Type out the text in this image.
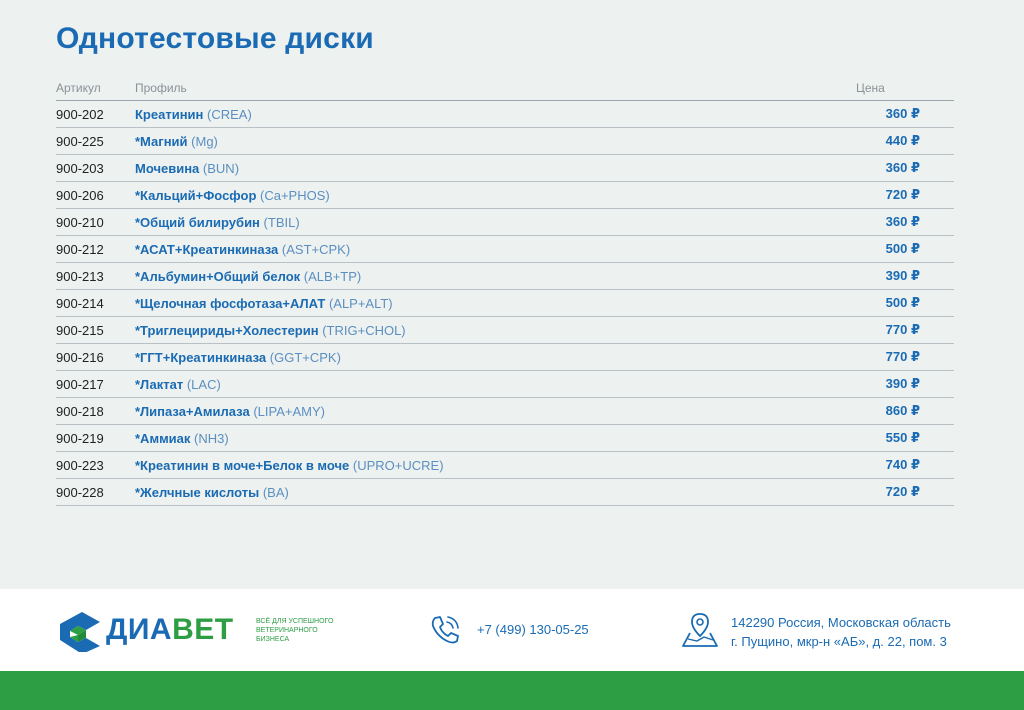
Однотестовые диски
Артикул	Профиль	Цена
900-202	Креатинин (CREA)	360 ₽
900-225	*Магний (Mg)	440 ₽
900-203	Мочевина (BUN)	360 ₽
900-206	*Кальций+Фосфор (Ca+PHOS)	720 ₽
900-210	*Общий билирубин (TBIL)	360 ₽
900-212	*АСАТ+Креатинкиназа (AST+CPK)	500 ₽
900-213	*Альбумин+Общий белок (ALB+TP)	390 ₽
900-214	*Щелочная фосфотаза+АЛАТ (ALP+ALT)	500 ₽
900-215	*Триглецириды+Холестерин (TRIG+CHOL)	770 ₽
900-216	*ГГТ+Креатинкиназа (GGT+CPK)	770 ₽
900-217	*Лактат (LAC)	390 ₽
900-218	*Липаза+Амилаза (LIPA+AMY)	860 ₽
900-219	*Аммиак (NH3)	550 ₽
900-223	*Креатинин в моче+Белок в моче (UPRO+UCRE)	740 ₽
900-228	*Желчные кислоты (BA)	720 ₽
ДИАВЕТ	ВСЁ ДЛЯ УСПЕШНОГО ВЕТЕРИНАРНОГО БИЗНЕСА
+7 (499) 130-05-25	142290 Россия, Московская область
г. Пущино, мкр-н «АБ», д. 22, пом. 3
